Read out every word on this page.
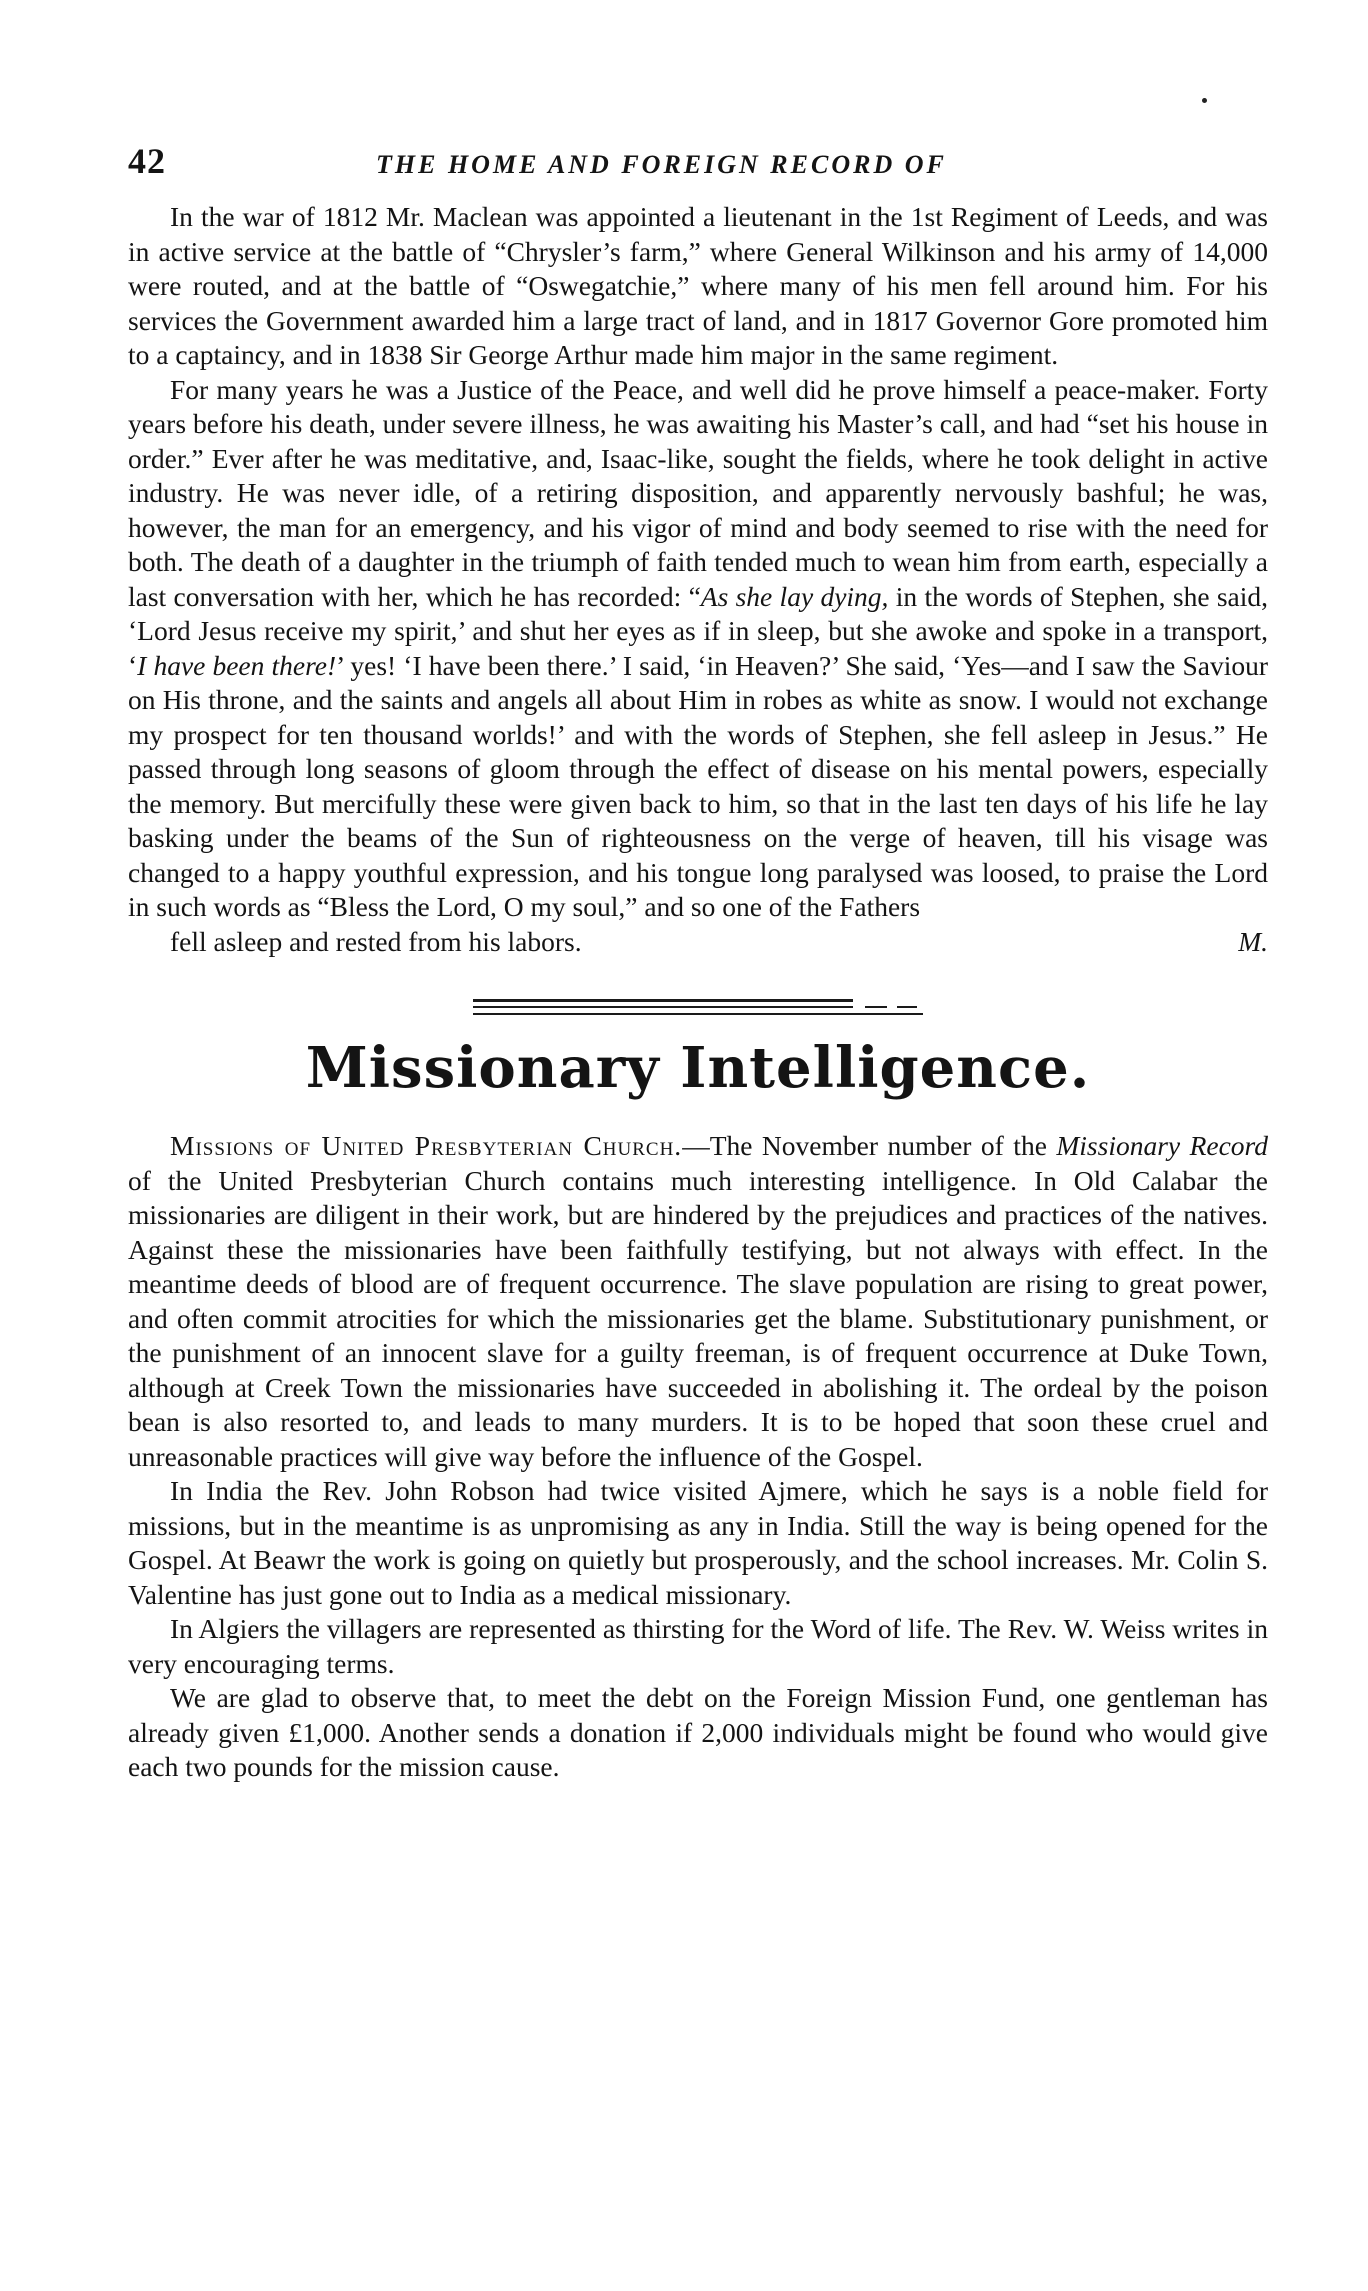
42	THE HOME AND FOREIGN RECORD OF

In the war of 1812 Mr. Maclean was appointed a lieutenant in the 1st Regiment of Leeds, and was in active service at the battle of “Chrysler’s farm,” where General Wilkinson and his army of 14,000 were routed, and at the battle of “Oswegatchie,” where many of his men fell around him. For his services the Government awarded him a large tract of land, and in 1817 Governor Gore promoted him to a captaincy, and in 1838 Sir George Arthur made him major in the same regiment.

For many years he was a Justice of the Peace, and well did he prove himself a peace-maker. Forty years before his death, under severe illness, he was awaiting his Master’s call, and had “set his house in order.” Ever after he was meditative, and, Isaac-like, sought the fields, where he took delight in active industry. He was never idle, of a retiring disposition, and apparently nervously bashful; he was, however, the man for an emergency, and his vigor of mind and body seemed to rise with the need for both. The death of a daughter in the triumph of faith tended much to wean him from earth, especially a last conversation with her, which he has recorded: “As she lay dying, in the words of Stephen, she said, ‘Lord Jesus receive my spirit,’ and shut her eyes as if in sleep, but she awoke and spoke in a transport, ‘I have been there!’ yes! ‘I have been there.’ I said, ‘in Heaven?’ She said, ‘Yes—and I saw the Saviour on His throne, and the saints and angels all about Him in robes as white as snow. I would not exchange my prospect for ten thousand worlds!’ and with the words of Stephen, she fell asleep in Jesus.” He passed through long seasons of gloom through the effect of disease on his mental powers, especially the memory. But mercifully these were given back to him, so that in the last ten days of his life he lay basking under the beams of the Sun of righteousness on the verge of heaven, till his visage was changed to a happy youthful expression, and his tongue long paralysed was loosed, to praise the Lord in such words as “Bless the Lord, O my soul,” and so one of the Fathers
fell asleep and rested from his labors.	M.

Missionary Intelligence.

Missions of United Presbyterian Church.—The November number of the Missionary Record of the United Presbyterian Church contains much interesting intelligence. In Old Calabar the missionaries are diligent in their work, but are hindered by the prejudices and practices of the natives. Against these the missionaries have been faithfully testifying, but not always with effect. In the meantime deeds of blood are of frequent occurrence. The slave population are rising to great power, and often commit atrocities for which the missionaries get the blame. Substitutionary punishment, or the punishment of an innocent slave for a guilty freeman, is of frequent occurrence at Duke Town, although at Creek Town the missionaries have succeeded in abolishing it. The ordeal by the poison bean is also resorted to, and leads to many murders. It is to be hoped that soon these cruel and unreasonable practices will give way before the influence of the Gospel.

In India the Rev. John Robson had twice visited Ajmere, which he says is a noble field for missions, but in the meantime is as unpromising as any in India. Still the way is being opened for the Gospel. At Beawr the work is going on quietly but prosperously, and the school increases. Mr. Colin S. Valentine has just gone out to India as a medical missionary.

In Algiers the villagers are represented as thirsting for the Word of life. The Rev. W. Weiss writes in very encouraging terms.

We are glad to observe that, to meet the debt on the Foreign Mission Fund, one gentleman has already given £1,000. Another sends a donation if 2,000 individuals might be found who would give each two pounds for the mission cause.
